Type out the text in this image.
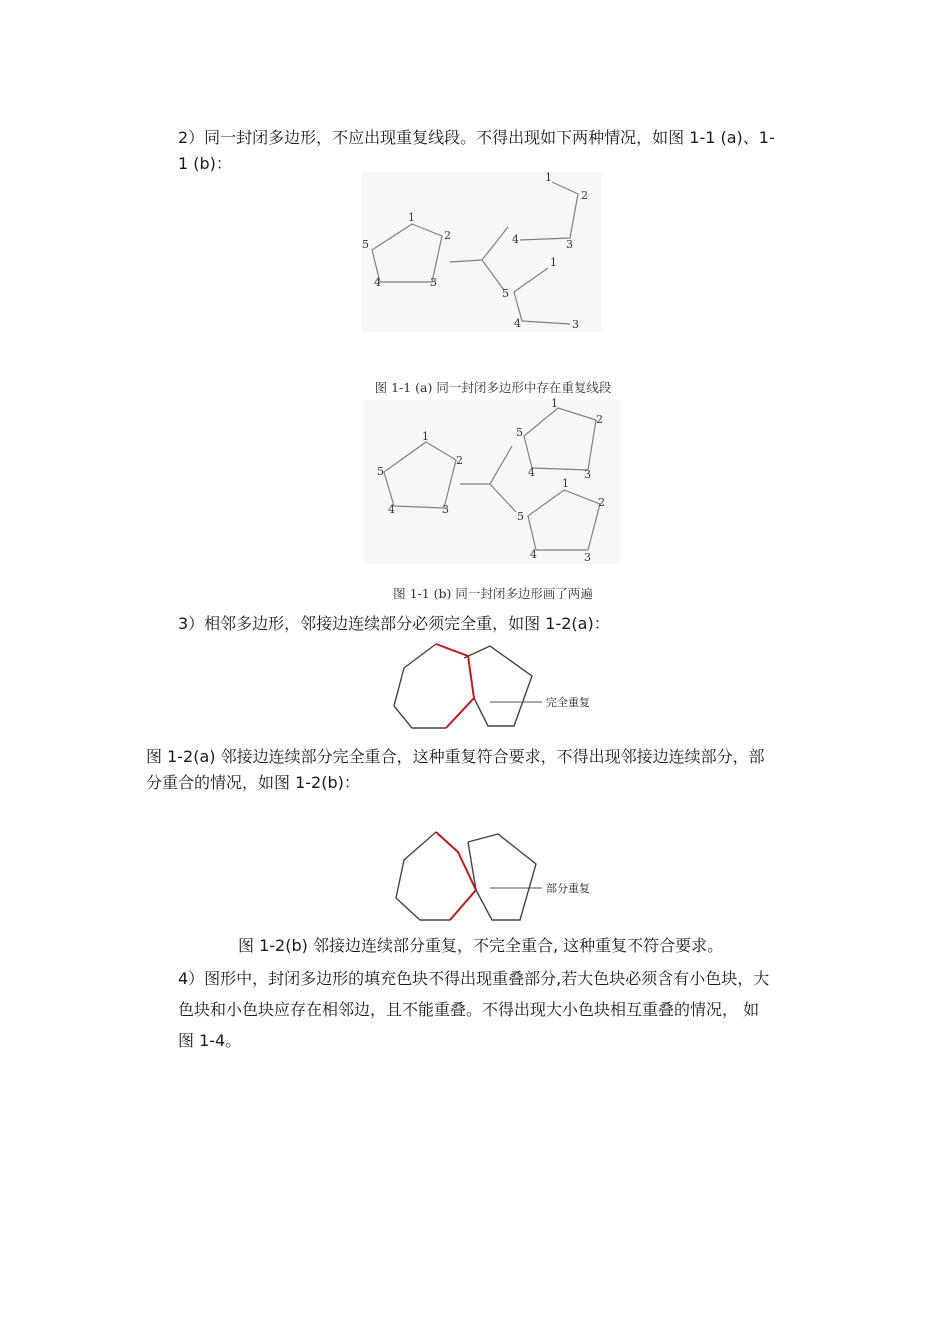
2）同一封闭多边形，不应出现重复线段。不得出现如下两种情况，如图 1-1 (a)、1-

1 (b)：

1
2
3
4
5
1
2
3
4
1
5
4	3
图 1-1 (a) 同一封闭多边形中存在重复线段
1
2
3
4
5
1
2
3
4
5
1
2
3
4
5
图 1-1 (b) 同一封闭多边形画了两遍

3）相邻多边形，邻接边连续部分必须完全重，如图 1-2(a)：

完全重复

图 1-2(a) 邻接边连续部分完全重合，这种重复符合要求，不得出现邻接边连续部分，部

分重合的情况，如图 1-2(b)：

部分重复

图 1-2(b) 邻接边连续部分重复，不完全重合, 这种重复不符合要求。

4）图形中，封闭多边形的填充色块不得出现重叠部分,若大色块必须含有小色块，大

色块和小色块应存在相邻边，且不能重叠。不得出现大小色块相互重叠的情况， 如

图 1-4。
